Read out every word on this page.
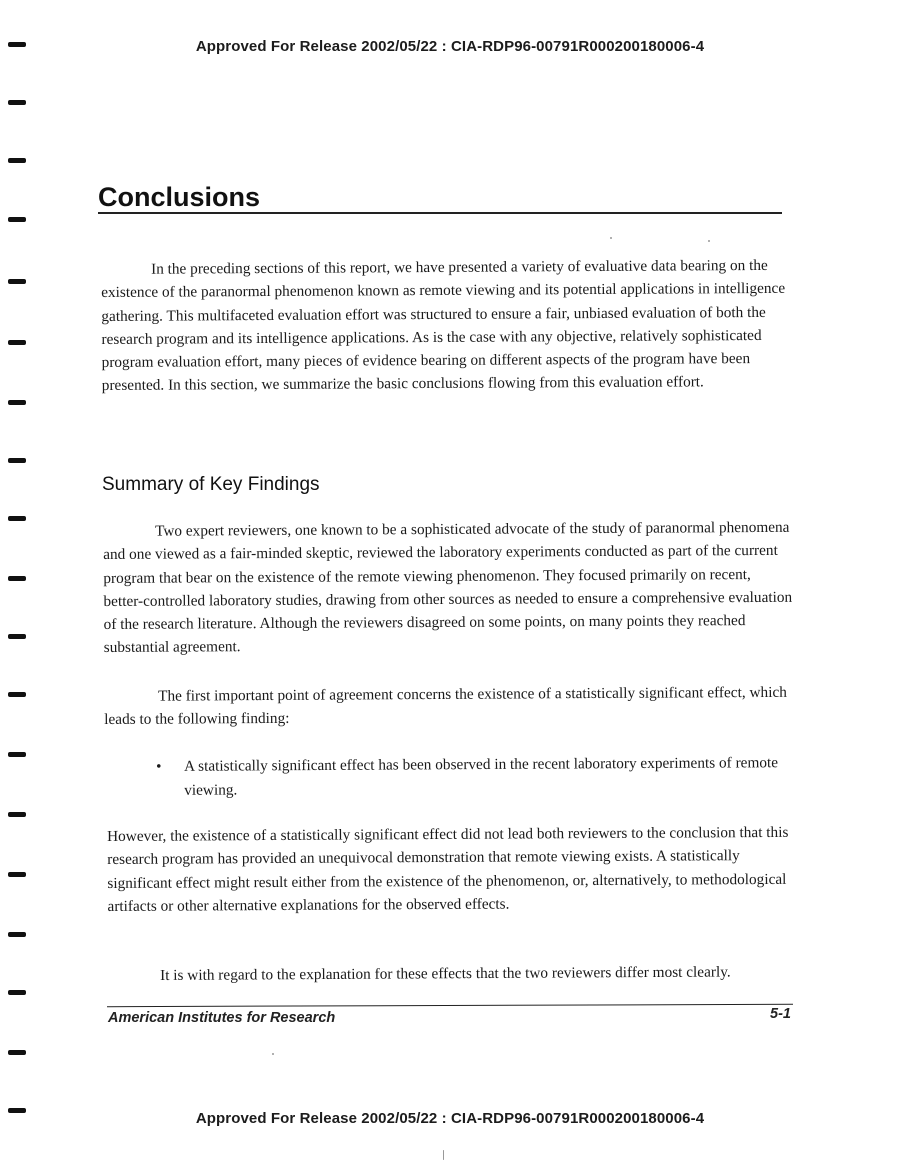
Approved For Release 2002/05/22 : CIA-RDP96-00791R000200180006-4
Conclusions

In the preceding sections of this report, we have presented a variety of evaluative data bearing on the existence of the paranormal phenomenon known as remote viewing and its potential applications in intelligence gathering. This multifaceted evaluation effort was structured to ensure a fair, unbiased evaluation of both the research program and its intelligence applications. As is the case with any objective, relatively sophisticated program evaluation effort, many pieces of evidence bearing on different aspects of the program have been presented. In this section, we summarize the basic conclusions flowing from this evaluation effort.

Summary of Key Findings

Two expert reviewers, one known to be a sophisticated advocate of the study of paranormal phenomena and one viewed as a fair-minded skeptic, reviewed the laboratory experiments conducted as part of the current program that bear on the existence of the remote viewing phenomenon. They focused primarily on recent, better-controlled laboratory studies, drawing from other sources as needed to ensure a comprehensive evaluation of the research literature. Although the reviewers disagreed on some points, on many points they reached substantial agreement.

The first important point of agreement concerns the existence of a statistically significant effect, which leads to the following finding:

• A statistically significant effect has been observed in the recent laboratory experiments of remote viewing.

However, the existence of a statistically significant effect did not lead both reviewers to the conclusion that this research program has provided an unequivocal demonstration that remote viewing exists. A statistically significant effect might result either from the existence of the phenomenon, or, alternatively, to methodological artifacts or other alternative explanations for the observed effects.

It is with regard to the explanation for these effects that the two reviewers differ most clearly.

American Institutes for Research	5-1
Approved For Release 2002/05/22 : CIA-RDP96-00791R000200180006-4
